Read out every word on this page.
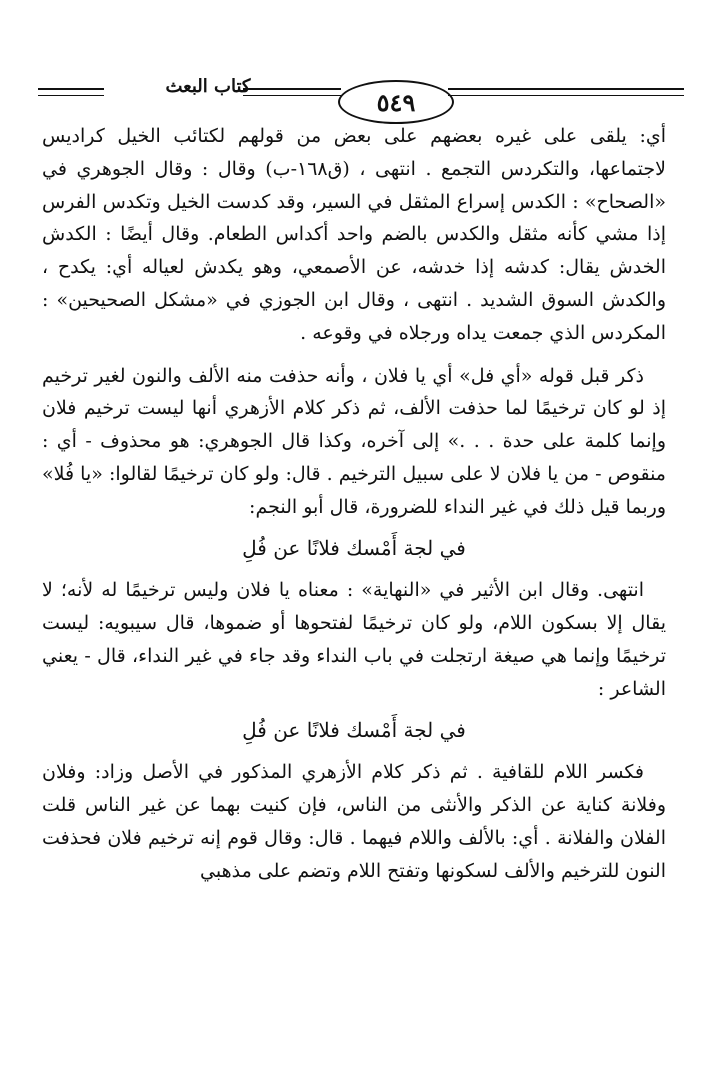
كتاب البعث
٥٤٩

أي: يلقى على غيره بعضهم على بعض من قولهم لكتائب الخيل كراديس لاجتماعها، والتكردس التجمع . انتهى ، (ق١٦٨-ب) وقال : وقال الجوهري في «الصحاح» : الكدس إسراع المثقل في السير، وقد كدست الخيل وتكدس الفرس إذا مشي كأنه مثقل والكدس بالضم واحد أكداس الطعام. وقال أيضًا : الكدش الخدش يقال: كدشه إذا خدشه، عن الأصمعي، وهو يكدش لعياله أي: يكدح ، والكدش السوق الشديد . انتهى ، وقال ابن الجوزي في «مشكل الصحيحين» : المكردس الذي جمعت يداه ورجلاه في وقوعه .

ذكر قبل قوله «أي فل» أي يا فلان ، وأنه حذفت منه الألف والنون لغير ترخيم إذ لو كان ترخيمًا لما حذفت الألف، ثم ذكر كلام الأزهري أنها ليست ترخيم فلان وإنما كلمة على حدة . . .» إلى آخره، وكذا قال الجوهري: هو محذوف - أي : منقوص - من يا فلان لا على سبيل الترخيم . قال: ولو كان ترخيمًا لقالوا: «يا فُلا» وربما قيل ذلك في غير النداء للضرورة، قال أبو النجم:

في لجة أَمْسك فلانًا عن فُلِ

انتهى. وقال ابن الأثير في «النهاية» : معناه يا فلان وليس ترخيمًا له لأنه؛ لا يقال إلا بسكون اللام، ولو كان ترخيمًا لفتحوها أو ضموها، قال سيبويه: ليست ترخيمًا وإنما هي صيغة ارتجلت في باب النداء وقد جاء في غير النداء، قال - يعني الشاعر :

في لجة أَمْسك فلانًا عن فُلِ

فكسر اللام للقافية . ثم ذكر كلام الأزهري المذكور في الأصل وزاد: وفلان وفلانة كناية عن الذكر والأنثى من الناس، فإن كنيت بهما عن غير الناس قلت الفلان والفلانة . أي: بالألف واللام فيهما . قال: وقال قوم إنه ترخيم فلان فحذفت النون للترخيم والألف لسكونها وتفتح اللام وتضم على مذهبي
